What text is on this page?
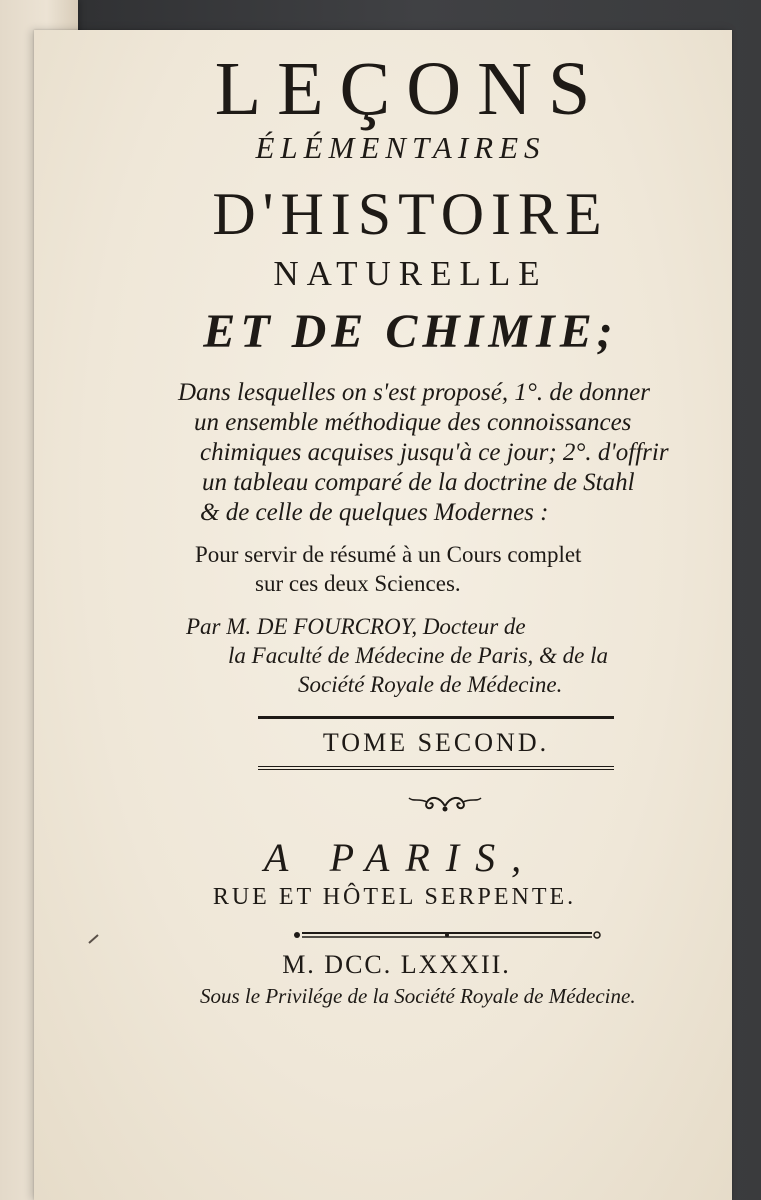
LEÇONS
ÉLÉMENTAIRES
D'HISTOIRE
NATURELLE
ET DE CHIMIE;

Dans lesquelles on s'est proposé, 1°. de donner
un ensemble méthodique des connoissances
chimiques acquises jusqu'à ce jour; 2°. d'offrir
un tableau comparé de la doctrine de Stahl
& de celle de quelques Modernes :

Pour servir de résumé à un Cours complet
sur ces deux Sciences.
Par M. DE FOURCROY, Docteur de
la Faculté de Médecine de Paris, & de la
Société Royale de Médecine.
TOME SECOND.
A PARIS,
RUE ET HÔTEL SERPENTE.
M. DCC. LXXXII.
Sous le Privilége de la Société Royale de Médecine.
